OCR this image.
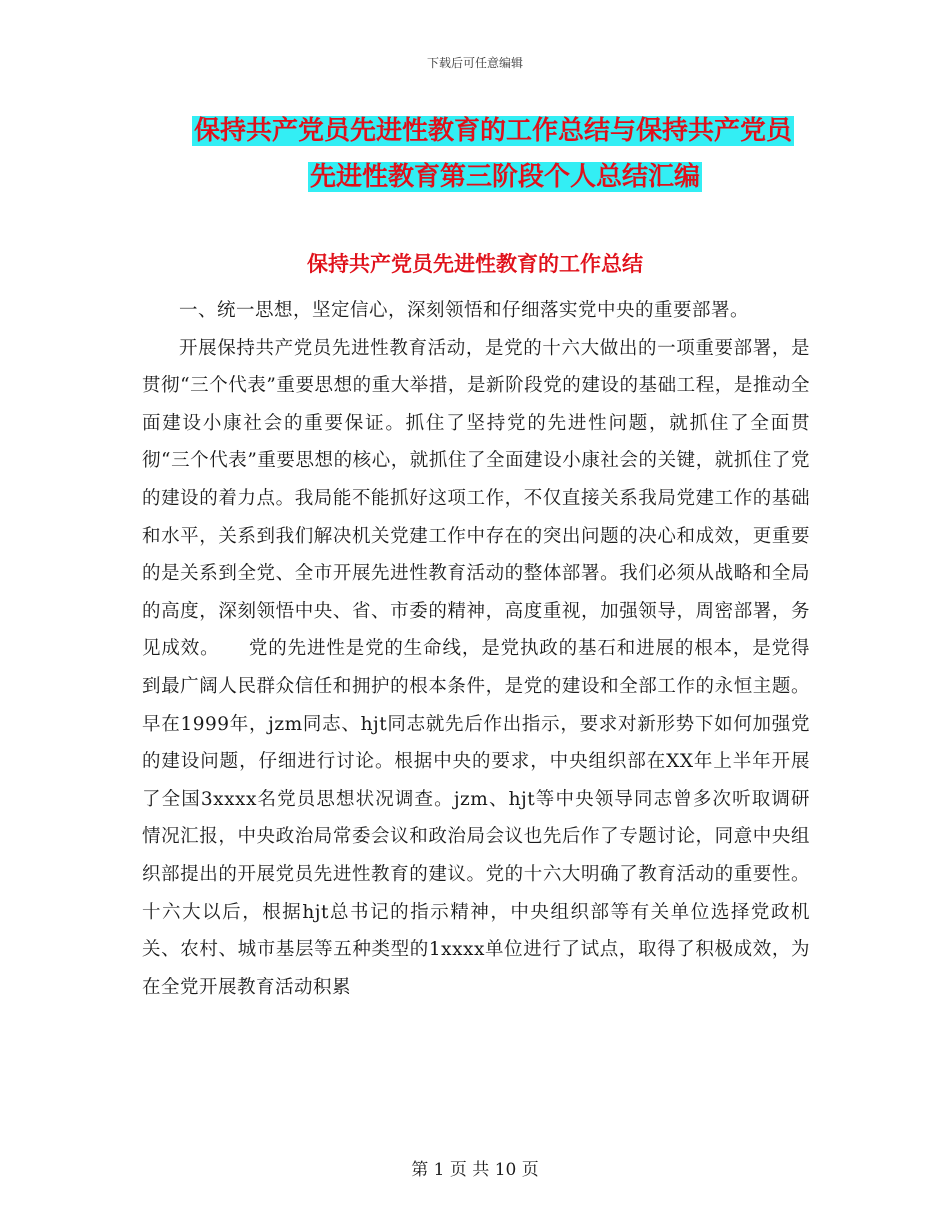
下载后可任意编辑
保持共产党员先进性教育的工作总结与保持共产党员
先进性教育第三阶段个人总结汇编
保持共产党员先进性教育的工作总结

一、统一思想，坚定信心，深刻领悟和仔细落实党中央的重要部署。

开展保持共产党员先进性教育活动，是党的十六大做出的一项重要部署，是贯彻“三个代表”重要思想的重大举措，是新阶段党的建设的基础工程，是推动全面建设小康社会的重要保证。抓住了坚持党的先进性问题，就抓住了全面贯彻“三个代表”重要思想的核心，就抓住了全面建设小康社会的关键，就抓住了党的建设的着力点。我局能不能抓好这项工作，不仅直接关系我局党建工作的基础和水平，关系到我们解决机关党建工作中存在的突出问题的决心和成效，更重要的是关系到全党、全市开展先进性教育活动的整体部署。我们必须从战略和全局的高度，深刻领悟中央、省、市委的精神，高度重视，加强领导，周密部署，务见成效。　　党的先进性是党的生命线，是党执政的基石和进展的根本，是党得到最广阔人民群众信任和拥护的根本条件，是党的建设和全部工作的永恒主题。早在1999年，jzm同志、hjt同志就先后作出指示，要求对新形势下如何加强党的建设问题，仔细进行讨论。根据中央的要求，中央组织部在XX年上半年开展了全国3xxxx名党员思想状况调查。jzm、hjt等中央领导同志曾多次听取调研情况汇报，中央政治局常委会议和政治局会议也先后作了专题讨论，同意中央组织部提出的开展党员先进性教育的建议。党的十六大明确了教育活动的重要性。十六大以后，根据hjt总书记的指示精神，中央组织部等有关单位选择党政机关、农村、城市基层等五种类型的1xxxx单位进行了试点，取得了积极成效，为在全党开展教育活动积累

第 1 页 共 10 页
